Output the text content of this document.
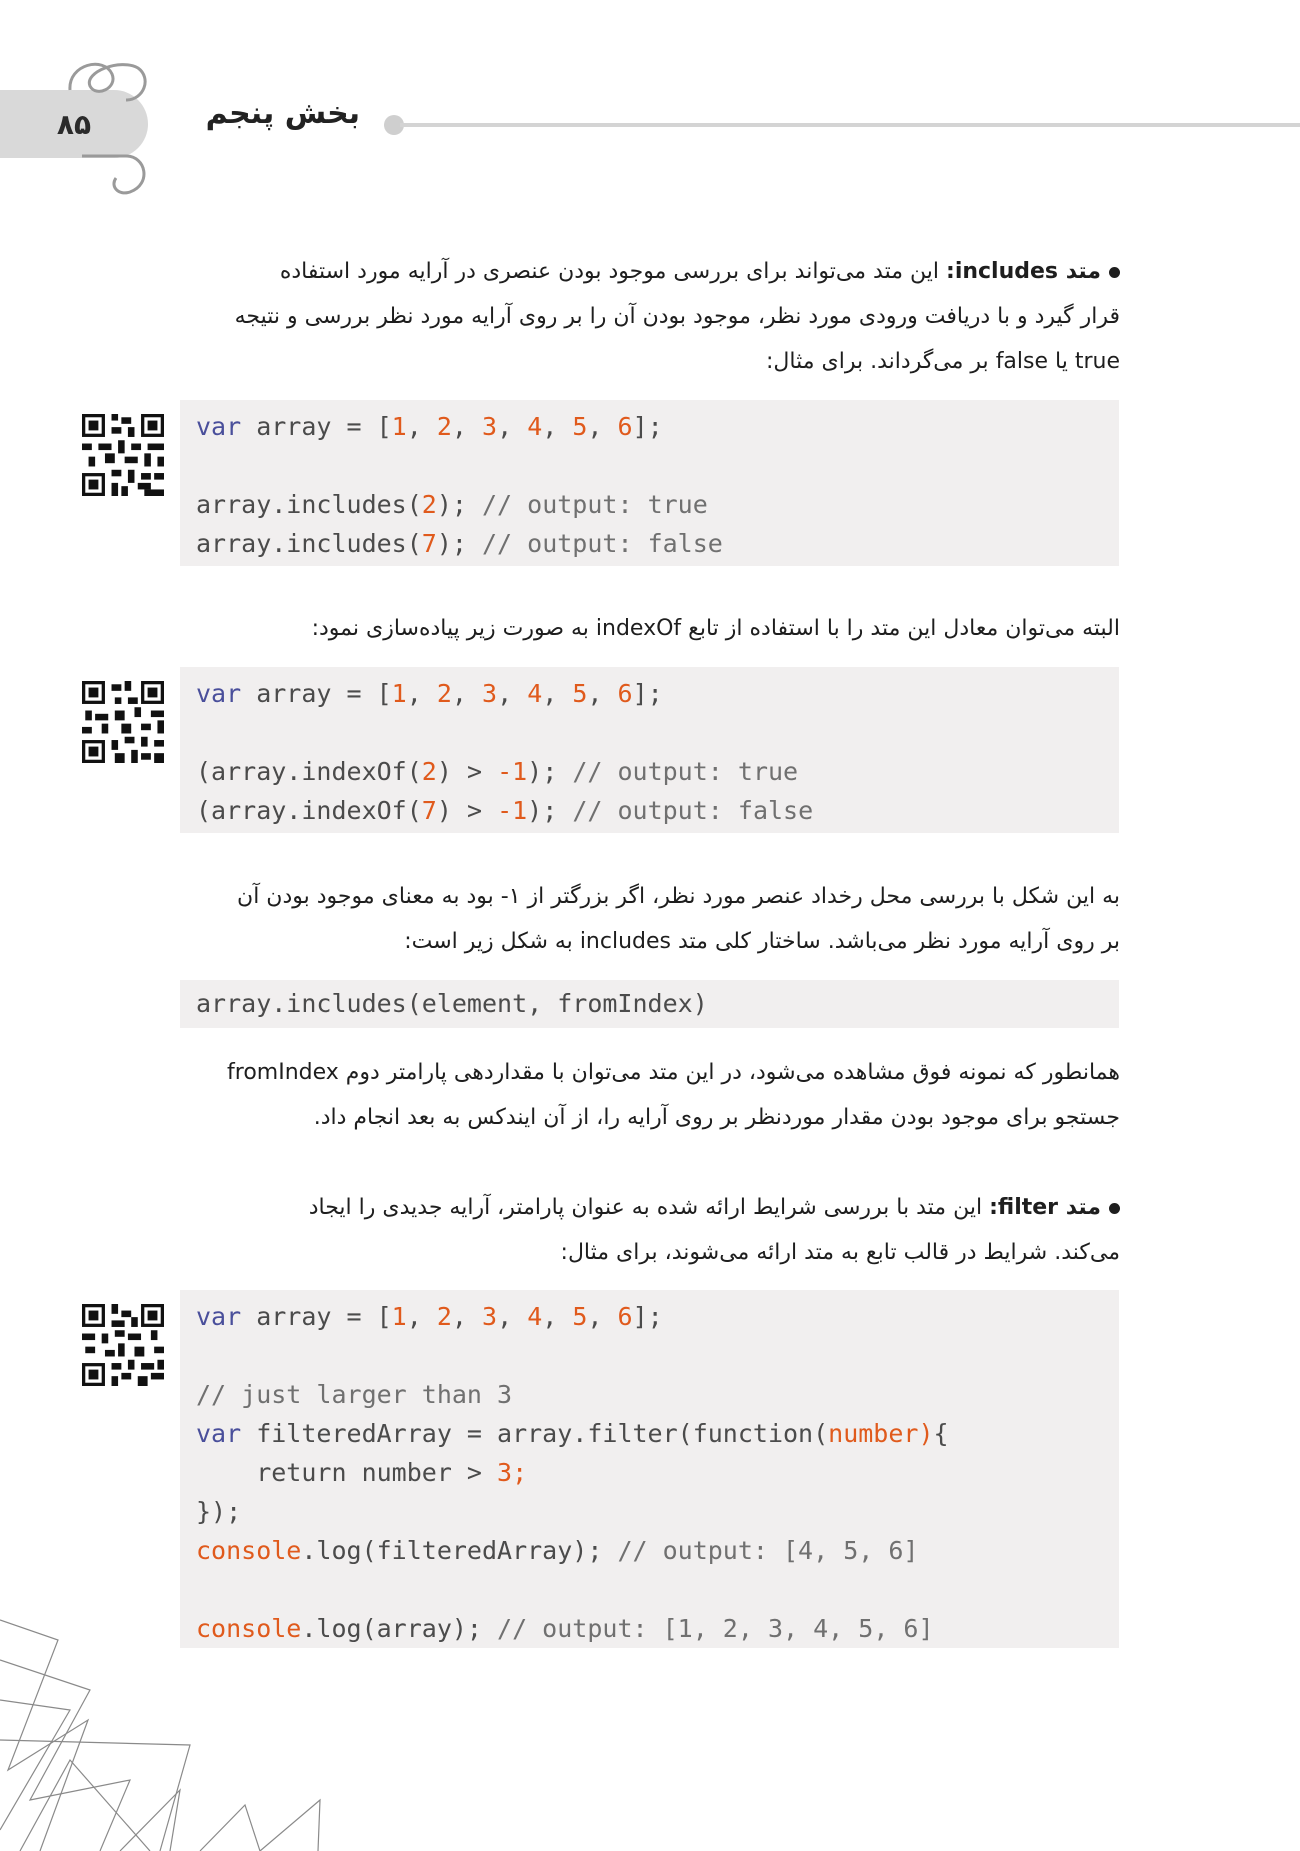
۸۵	بخش پنجم
متد includes: این متد می‌تواند برای بررسی موجود بودن عنصری در آرایه مورد استفاده
قرار گیرد و با دریافت ورودی مورد نظر، موجود بودن آن را بر روی آرایه مورد نظر بررسی و نتیجه
true یا false بر می‌گرداند. برای مثال:
var array = [1, 2, 3, 4, 5, 6];
array.includes(2); // output: true
array.includes(7); // output: false
البته می‌توان معادل این متد را با استفاده از تابع indexOf به صورت زیر پیاده‌سازی نمود:
var array = [1, 2, 3, 4, 5, 6];
(array.indexOf(2) > -1); // output: true
(array.indexOf(7) > -1); // output: false
به این شکل با بررسی محل رخداد عنصر مورد نظر، اگر بزرگتر از ۱- بود به معنای موجود بودن آن
بر روی آرایه مورد نظر می‌باشد. ساختار کلی متد includes به شکل زیر است:
array.includes(element, fromIndex)
همانطور که نمونه فوق مشاهده می‌شود، در این متد می‌توان با مقداردهی پارامتر دوم fromIndex
جستجو برای موجود بودن مقدار موردنظر بر روی آرایه را، از آن ایندکس به بعد انجام داد.
متد filter: این متد با بررسی شرایط ارائه شده به عنوان پارامتر، آرایه جدیدی را ایجاد
می‌کند. شرایط در قالب تابع به متد ارائه می‌شوند، برای مثال:
var array = [1, 2, 3, 4, 5, 6];
// just larger than 3
var filteredArray = array.filter(function(number){
return number > 3;
});
console.log(filteredArray); // output: [4, 5, 6]
console.log(array); // output: [1, 2, 3, 4, 5, 6]
